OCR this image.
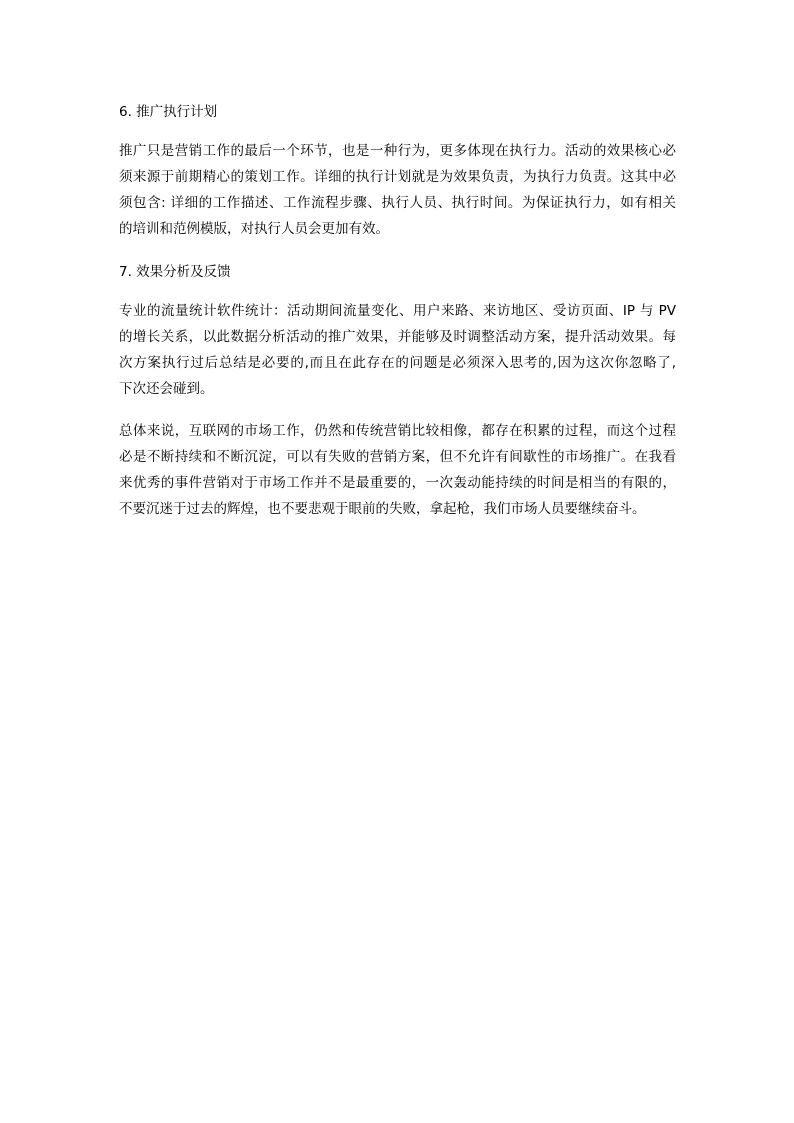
6. 推广执行计划
推广只是营销工作的最后一个环节，也是一种行为，更多体现在执行力。活动的效果核心必
须来源于前期精心的策划工作。详细的执行计划就是为效果负责，为执行力负责。这其中必
须包含: 详细的工作描述、工作流程步骤、执行人员、执行时间。为保证执行力，如有相关
的培训和范例模版，对执行人员会更加有效。
7. 效果分析及反馈
专业的流量统计软件统计：活动期间流量变化、用户来路、来访地区、受访页面、IP 与 PV
的增长关系，以此数据分析活动的推广效果，并能够及时调整活动方案，提升活动效果。每
次方案执行过后总结是必要的,而且在此存在的问题是必须深入思考的,因为这次你忽略了,
下次还会碰到。
总体来说，互联网的市场工作，仍然和传统营销比较相像，都存在积累的过程，而这个过程
必是不断持续和不断沉淀，可以有失败的营销方案，但不允许有间歇性的市场推广。在我看
来优秀的事件营销对于市场工作并不是最重要的，一次轰动能持续的时间是相当的有限的，
不要沉迷于过去的辉煌，也不要悲观于眼前的失败，拿起枪，我们市场人员要继续奋斗。
